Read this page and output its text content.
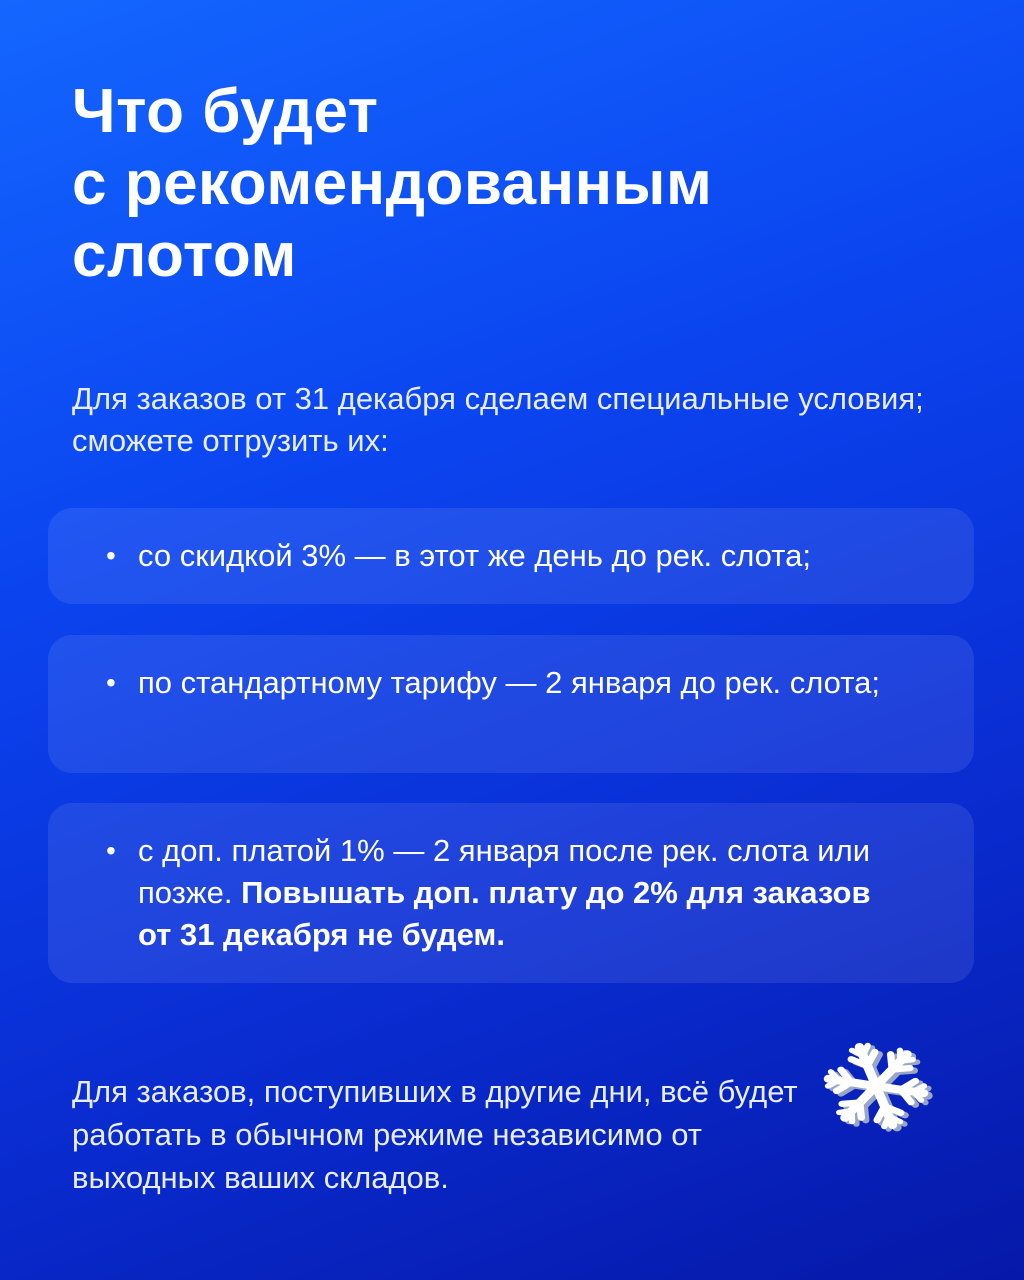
Что будет
с рекомендованным
слотом

Для заказов от 31 декабря сделаем специальные условия; сможете отгрузить их:

• со скидкой 3% — в этот же день до рек. слота;

• по стандартному тарифу — 2 января до рек. слота;

• с доп. платой 1% — 2 января после рек. слота или позже. Повышать доп. плату до 2% для заказов от 31 декабря не будем.

Для заказов, поступивших в другие дни, всё будет работать в обычном режиме независимо от выходных ваших складов.
